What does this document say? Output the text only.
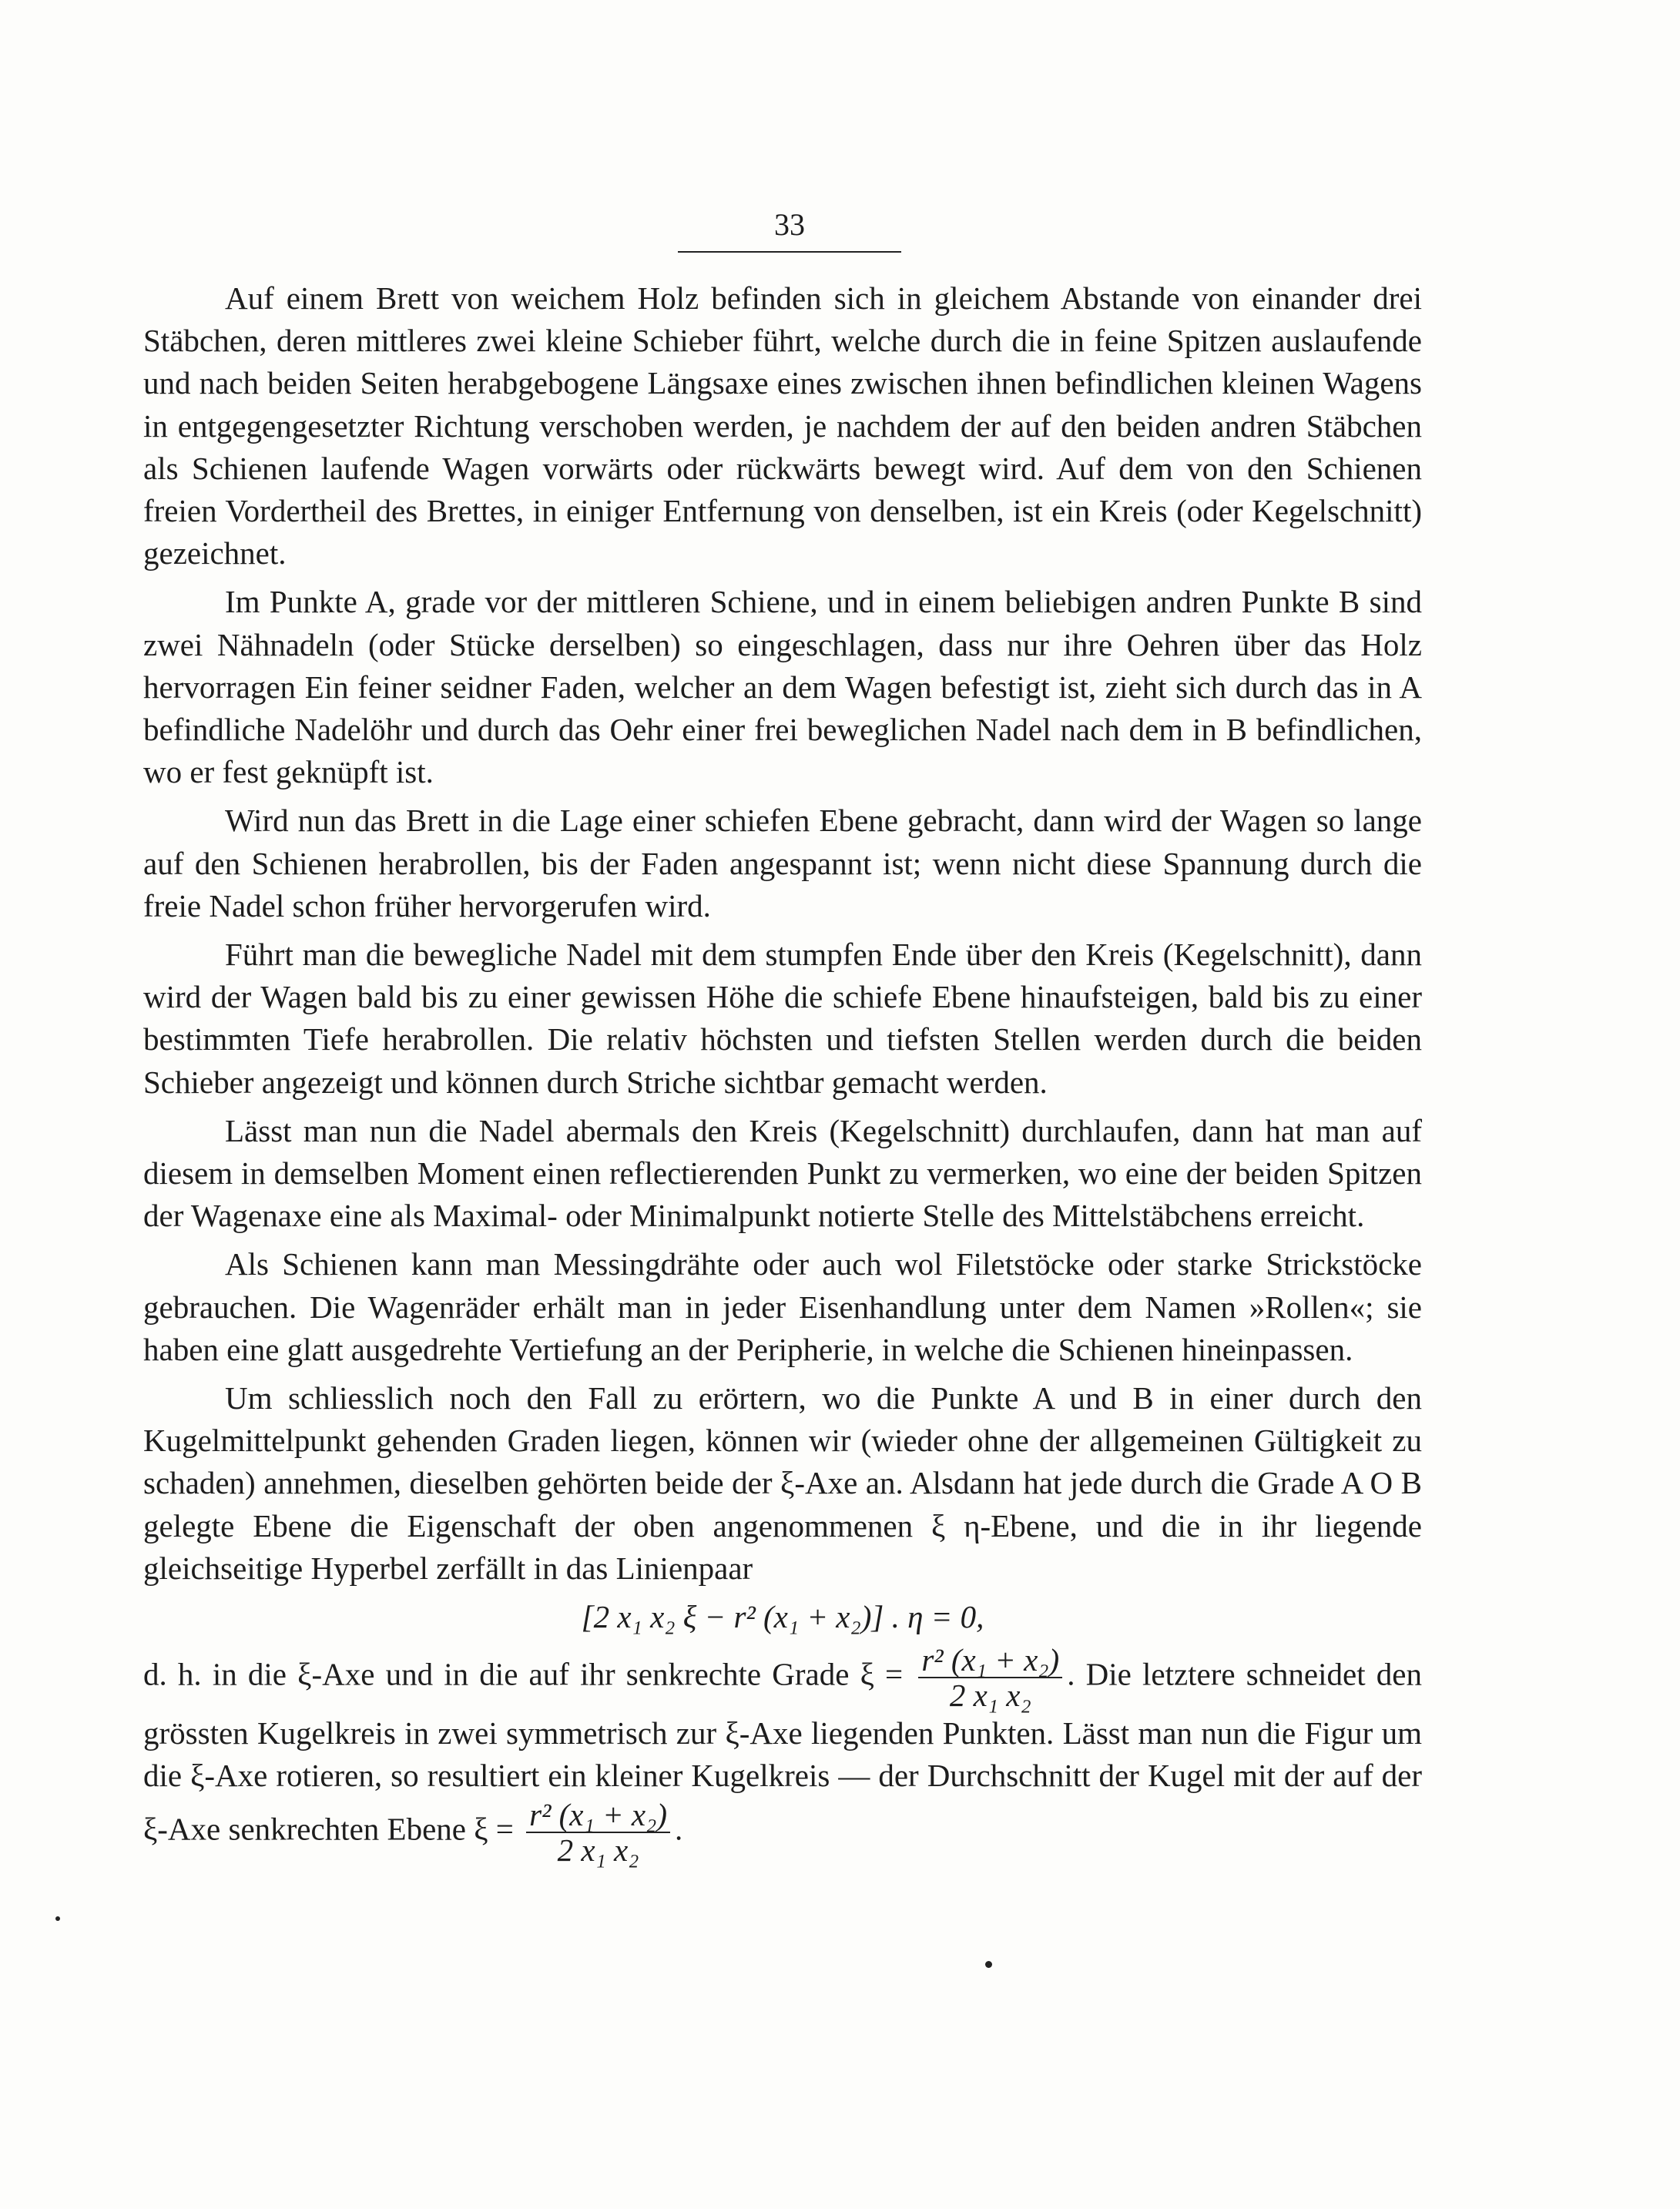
33

Auf einem Brett von weichem Holz befinden sich in gleichem Abstande von einander drei Stäbchen, deren mittleres zwei kleine Schieber führt, welche durch die in feine Spitzen auslaufende und nach beiden Seiten herabgebogene Längsaxe eines zwischen ihnen befindlichen kleinen Wagens in entgegengesetzter Richtung verschoben werden, je nachdem der auf den beiden andren Stäbchen als Schienen laufende Wagen vorwärts oder rückwärts bewegt wird. Auf dem von den Schienen freien Vordertheil des Brettes, in einiger Entfernung von denselben, ist ein Kreis (oder Kegelschnitt) gezeichnet.

Im Punkte A, grade vor der mittleren Schiene, und in einem beliebigen andren Punkte B sind zwei Nähnadeln (oder Stücke derselben) so eingeschlagen, dass nur ihre Oehren über das Holz hervorragen Ein feiner seidner Faden, welcher an dem Wagen befestigt ist, zieht sich durch das in A befindliche Nadelöhr und durch das Oehr einer frei beweglichen Nadel nach dem in B befindlichen, wo er fest geknüpft ist.

Wird nun das Brett in die Lage einer schiefen Ebene gebracht, dann wird der Wagen so lange auf den Schienen herabrollen, bis der Faden angespannt ist; wenn nicht diese Spannung durch die freie Nadel schon früher hervorgerufen wird.

Führt man die bewegliche Nadel mit dem stumpfen Ende über den Kreis (Kegelschnitt), dann wird der Wagen bald bis zu einer gewissen Höhe die schiefe Ebene hinaufsteigen, bald bis zu einer bestimmten Tiefe herabrollen. Die relativ höchsten und tiefsten Stellen werden durch die beiden Schieber angezeigt und können durch Striche sichtbar gemacht werden.

Lässt man nun die Nadel abermals den Kreis (Kegelschnitt) durchlaufen, dann hat man auf diesem in demselben Moment einen reflectierenden Punkt zu vermerken, wo eine der beiden Spitzen der Wagenaxe eine als Maximal- oder Minimalpunkt notierte Stelle des Mittelstäbchens erreicht.

Als Schienen kann man Messingdrähte oder auch wol Filetstöcke oder starke Strickstöcke gebrauchen. Die Wagenräder erhält man in jeder Eisenhandlung unter dem Namen »Rollen«; sie haben eine glatt ausgedrehte Vertiefung an der Peripherie, in welche die Schienen hineinpassen.

Um schliesslich noch den Fall zu erörtern, wo die Punkte A und B in einer durch den Kugelmittelpunkt gehenden Graden liegen, können wir (wieder ohne der allgemeinen Gültigkeit zu schaden) annehmen, dieselben gehörten beide der ξ-Axe an. Alsdann hat jede durch die Grade A O B gelegte Ebene die Eigenschaft der oben angenommenen ξ η-Ebene, und die in ihr liegende gleichseitige Hyperbel zerfällt in das Linienpaar

[2 x₁ x₂ ξ − r² (x₁ + x₂)] . η = 0,

d. h. in die ξ-Axe und in die auf ihr senkrechte Grade $\xi = \frac{\text{r² (x₁ + x₂)}}{\text{2 x₁ x₂}}$ . Die letztere schneidet den grössten Kugelkreis in zwei symmetrisch zur ξ-Axe liegenden Punkten. Lässt man nun die Figur um die ξ-Axe rotieren, so resultiert ein kleiner Kugelkreis — der Durchschnitt der Kugel mit der auf der ξ-Axe senkrechten Ebene $\xi = \frac{\text{r² (x₁ + x₂)}}{\text{2 x₁ x₂}}$ .
